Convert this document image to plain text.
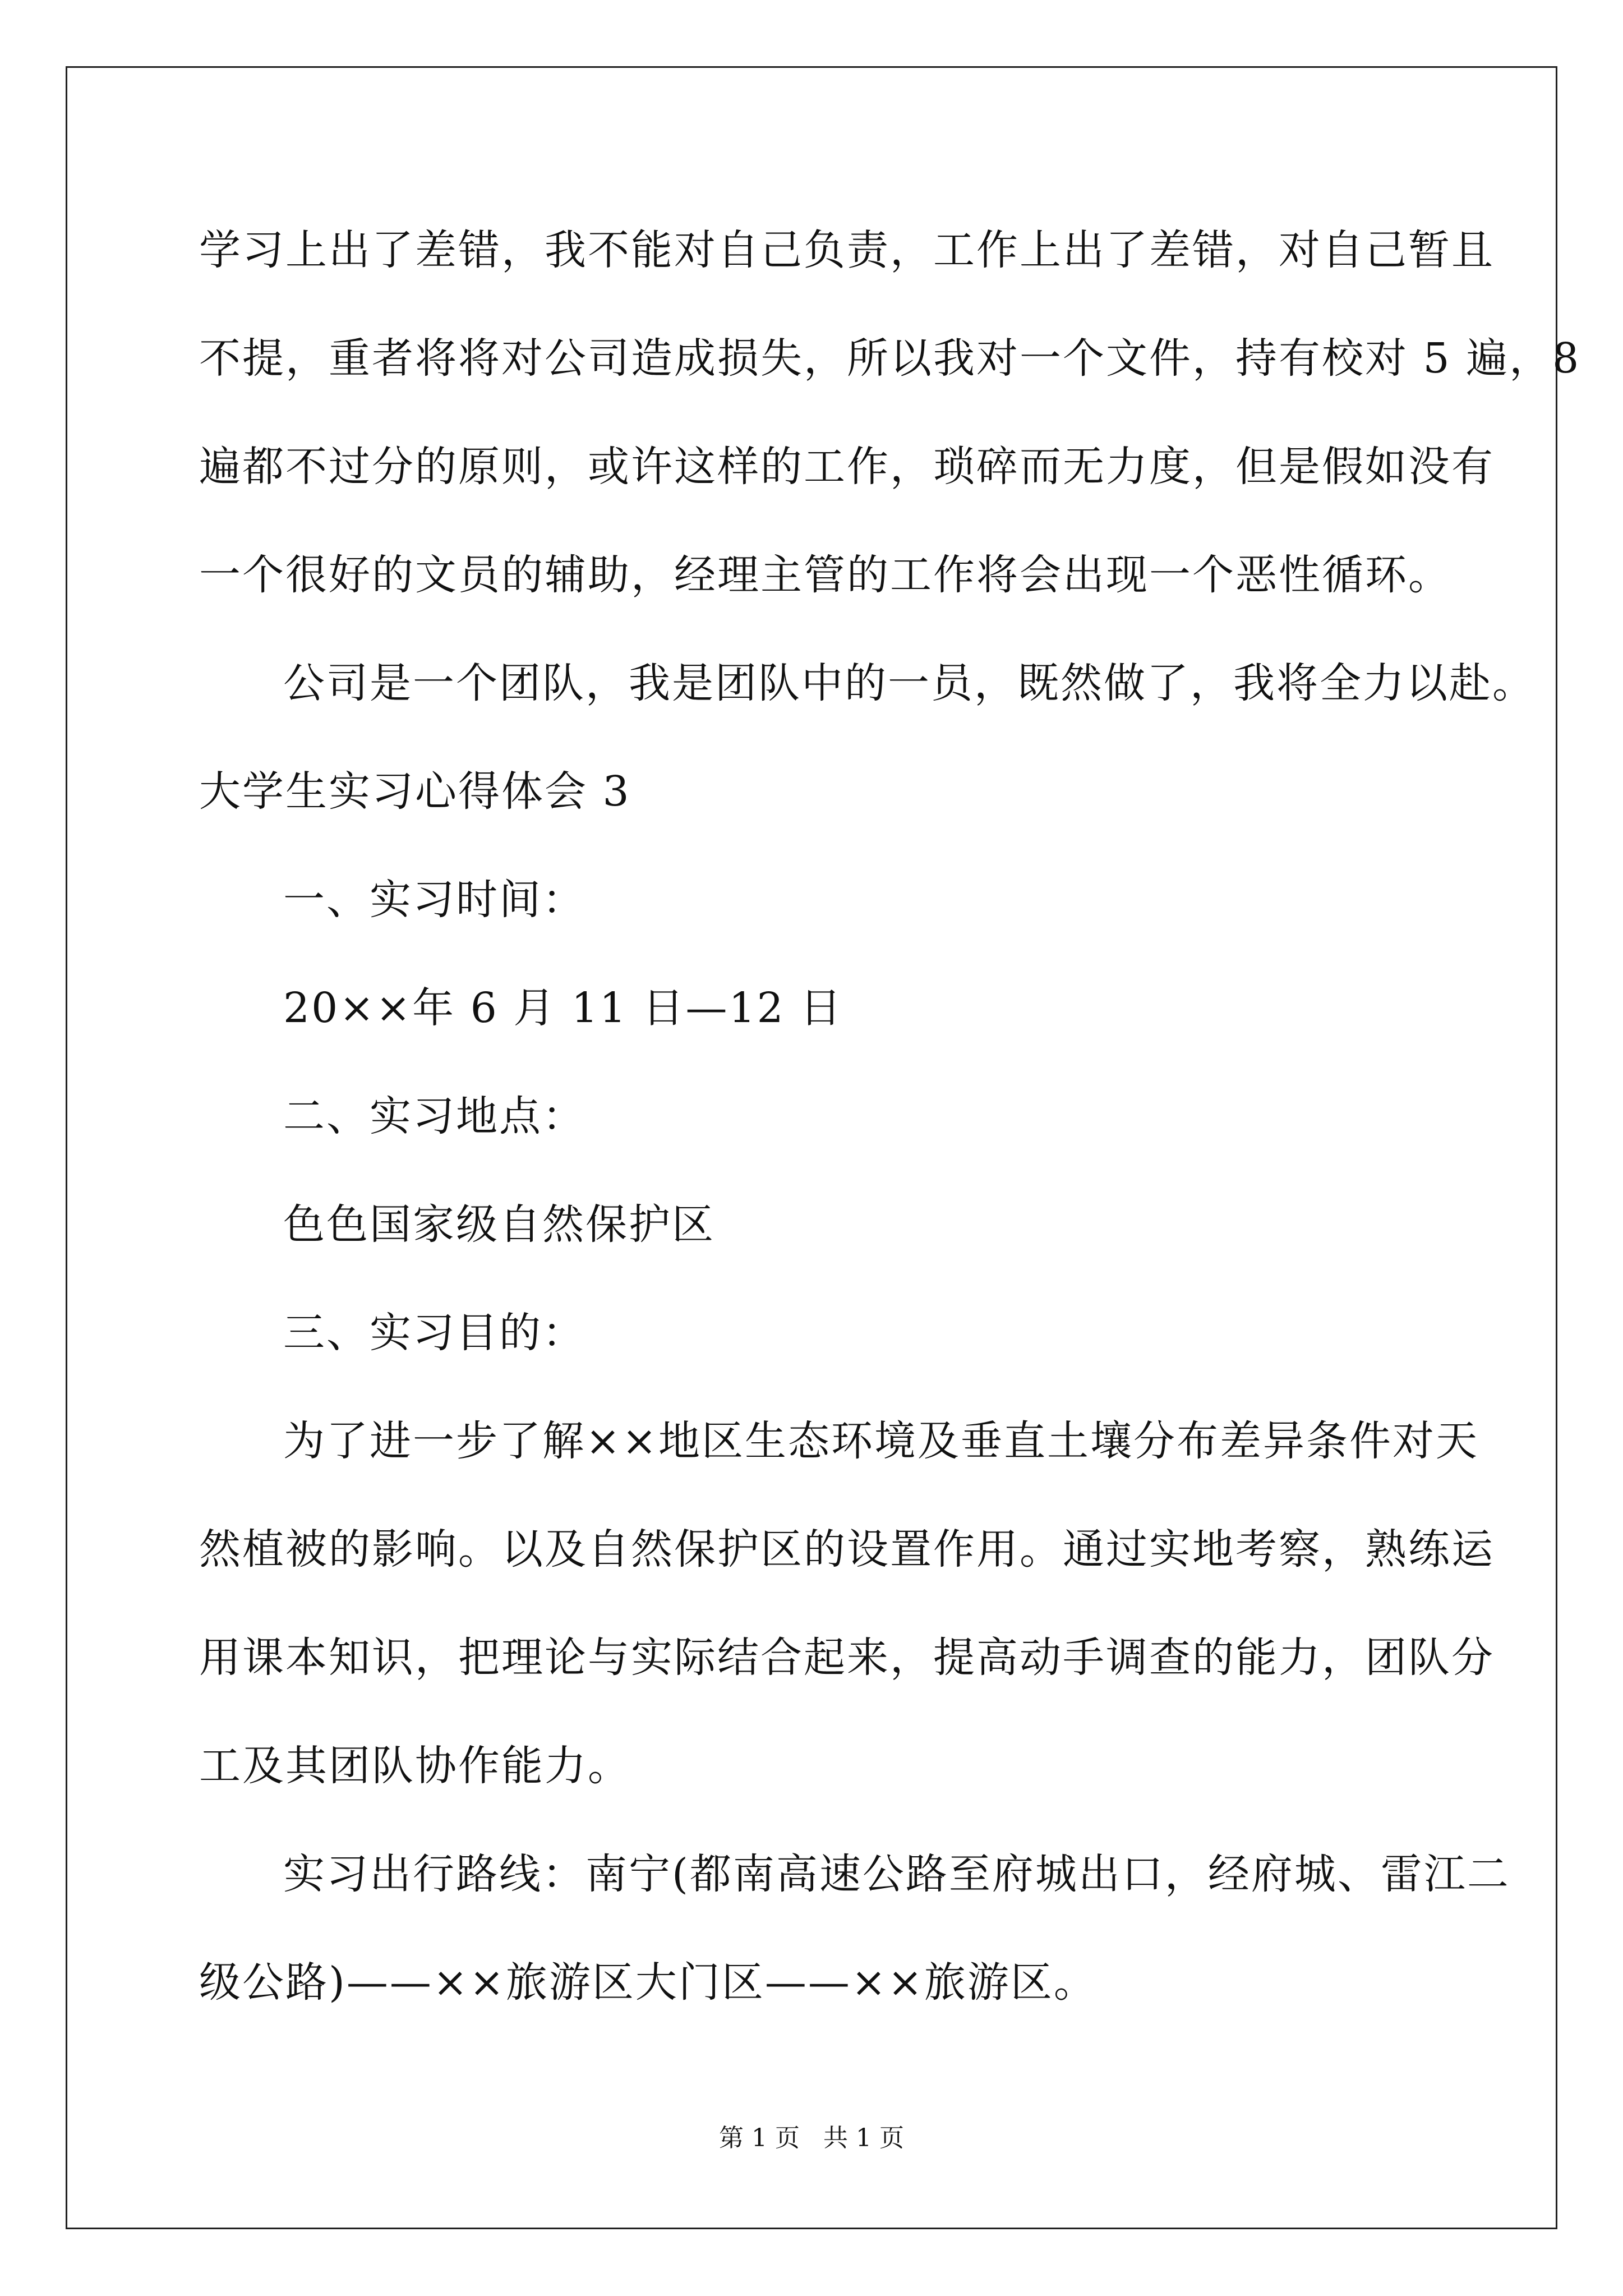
学习上出了差错，我不能对自己负责，工作上出了差错，对自己暂且
不提，重者将将对公司造成损失，所以我对一个文件，持有校对 5 遍，8
遍都不过分的原则，或许这样的工作，琐碎而无力度，但是假如没有
一个很好的文员的辅助，经理主管的工作将会出现一个恶性循环。
公司是一个团队，我是团队中的一员，既然做了，我将全力以赴。
大学生实习心得体会 3
一、实习时间：
20××年 6 月 11 日—12 日
二、实习地点：
色色国家级自然保护区
三、实习目的：
为了进一步了解××地区生态环境及垂直土壤分布差异条件对天
然植被的影响。以及自然保护区的设置作用。通过实地考察，熟练运
用课本知识，把理论与实际结合起来，提高动手调查的能力，团队分
工及其团队协作能力。
实习出行路线：南宁(都南高速公路至府城出口，经府城、雷江二
级公路)——××旅游区大门区——××旅游区。
第 1 页   共 1 页
